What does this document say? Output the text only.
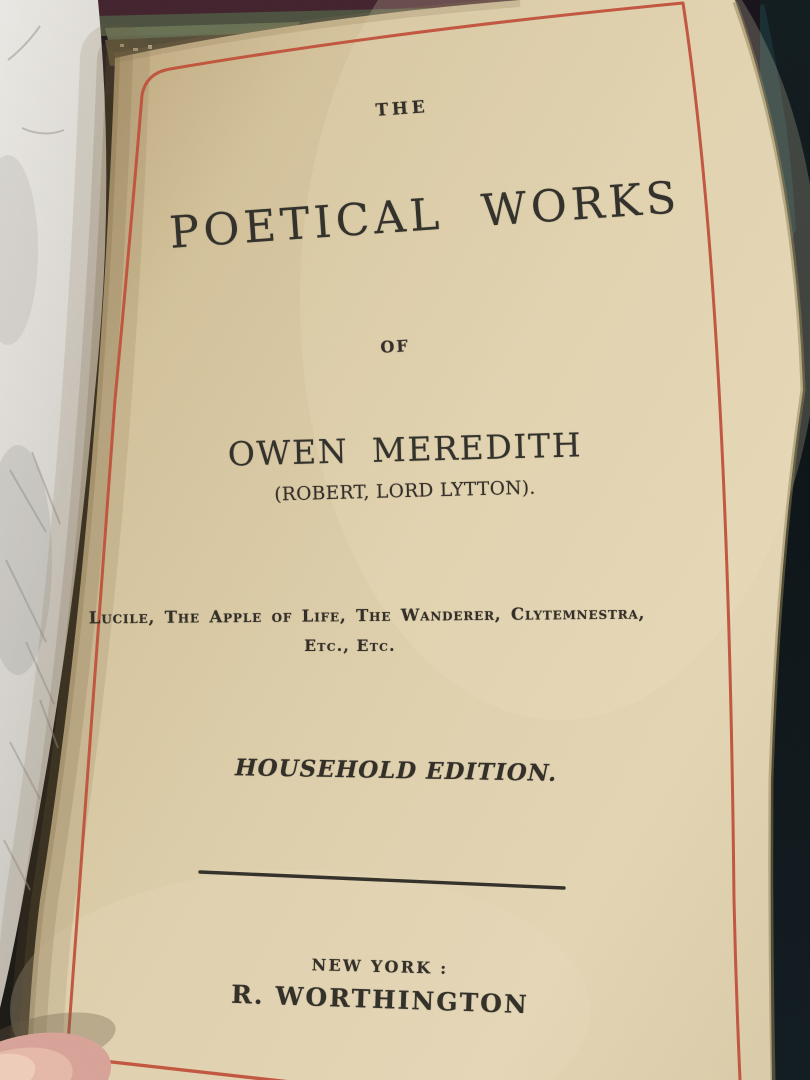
THE
POETICAL WORKS
OF
OWEN MEREDITH
(ROBERT, LORD LYTTON).
Lucile, The Apple of Life, The Wanderer, Clytemnestra,
Etc., Etc.
HOUSEHOLD EDITION.
NEW YORK :
R. WORTHINGTON
